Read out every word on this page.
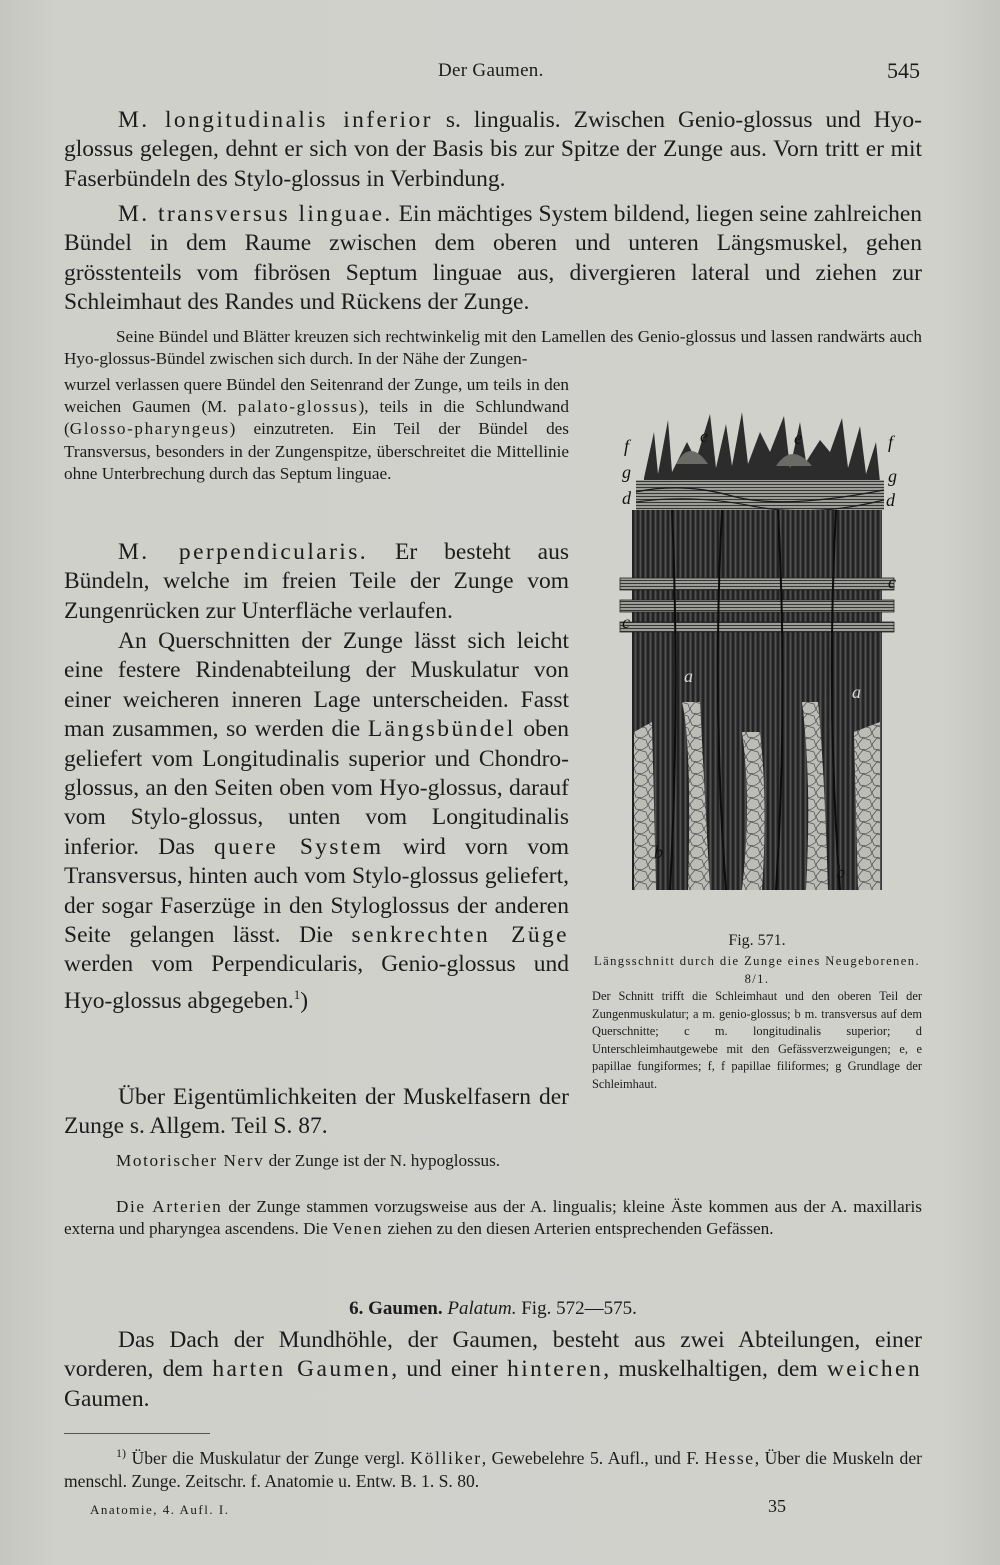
Der Gaumen.	545

M. longitudinalis inferior s. lingualis. Zwischen Genio-glossus und Hyo-glossus gelegen, dehnt er sich von der Basis bis zur Spitze der Zunge aus. Vorn tritt er mit Faserbündeln des Stylo-glossus in Verbindung.

M. transversus linguae. Ein mächtiges System bildend, liegen seine zahlreichen Bündel in dem Raume zwischen dem oberen und unteren Längsmuskel, gehen grösstenteils vom fibrösen Septum linguae aus, divergieren lateral und ziehen zur Schleimhaut des Randes und Rückens der Zunge.

Seine Bündel und Blätter kreuzen sich rechtwinkelig mit den Lamellen des Genio-glossus und lassen randwärts auch Hyo-glossus-Bündel zwischen sich durch. In der Nähe der Zungen-

wurzel verlassen quere Bündel den Seitenrand der Zunge, um teils in den weichen Gaumen (M. palato-glossus), teils in die Schlundwand (Glosso-pharyngeus) einzutreten. Ein Teil der Bündel des Transversus, besonders in der Zungenspitze, überschreitet die Mittellinie ohne Unterbrechung durch das Septum linguae.

M. perpendicularis. Er besteht aus Bündeln, welche im freien Teile der Zunge vom Zungenrücken zur Unterfläche verlaufen.

An Querschnitten der Zunge lässt sich leicht eine festere Rindenabteilung der Muskulatur von einer weicheren inneren Lage unterscheiden. Fasst man zusammen, so werden die Längsbündel oben geliefert vom Longitudinalis superior und Chondro-glossus, an den Seiten oben vom Hyo-glossus, darauf vom Stylo-glossus, unten vom Longitudinalis inferior. Das quere System wird vorn vom Transversus, hinten auch vom Stylo-glossus geliefert, der sogar Faserzüge in den Styloglossus der anderen Seite gelangen lässt. Die senkrechten Züge werden vom Perpendicularis, Genio-glossus und Hyo-glossus abgegeben.$^1$)

Über Eigentümlichkeiten der Muskelfasern der Zunge s. Allgem. Teil S. 87.

Motorischer Nerv der Zunge ist der N. hypoglossus.

Die Arterien der Zunge stammen vorzugsweise aus der A. lingualis; kleine Äste kommen aus der A. maxillaris externa und pharyngea ascendens. Die Venen ziehen zu den diesen Arterien entsprechenden Gefässen.

f
g
d
e	e	f
g
d
c
c
a
a
b
b

Fig. 571.

Längsschnitt durch die Zunge eines Neugeborenen. 8/1.

Der Schnitt trifft die Schleimhaut und den oberen Teil der Zungenmuskulatur; a m. genio-glossus; b m. transversus auf dem Querschnitte; c m. longitudinalis superior; d Unterschleimhautgewebe mit den Gefässverzweigungen; e, e papillae fungiformes; f, f papillae filiformes; g Grundlage der Schleimhaut.

6. Gaumen. Palatum. Fig. 572—575.

Das Dach der Mundhöhle, der Gaumen, besteht aus zwei Abteilungen, einer vorderen, dem harten Gaumen, und einer hinteren, muskelhaltigen, dem weichen Gaumen.

$^{1)}$ Über die Muskulatur der Zunge vergl. Kölliker, Gewebelehre 5. Aufl., und F. Hesse, Über die Muskeln der menschl. Zunge. Zeitschr. f. Anatomie u. Entw. B. 1. S. 80.

Anatomie, 4. Aufl. I.	35
